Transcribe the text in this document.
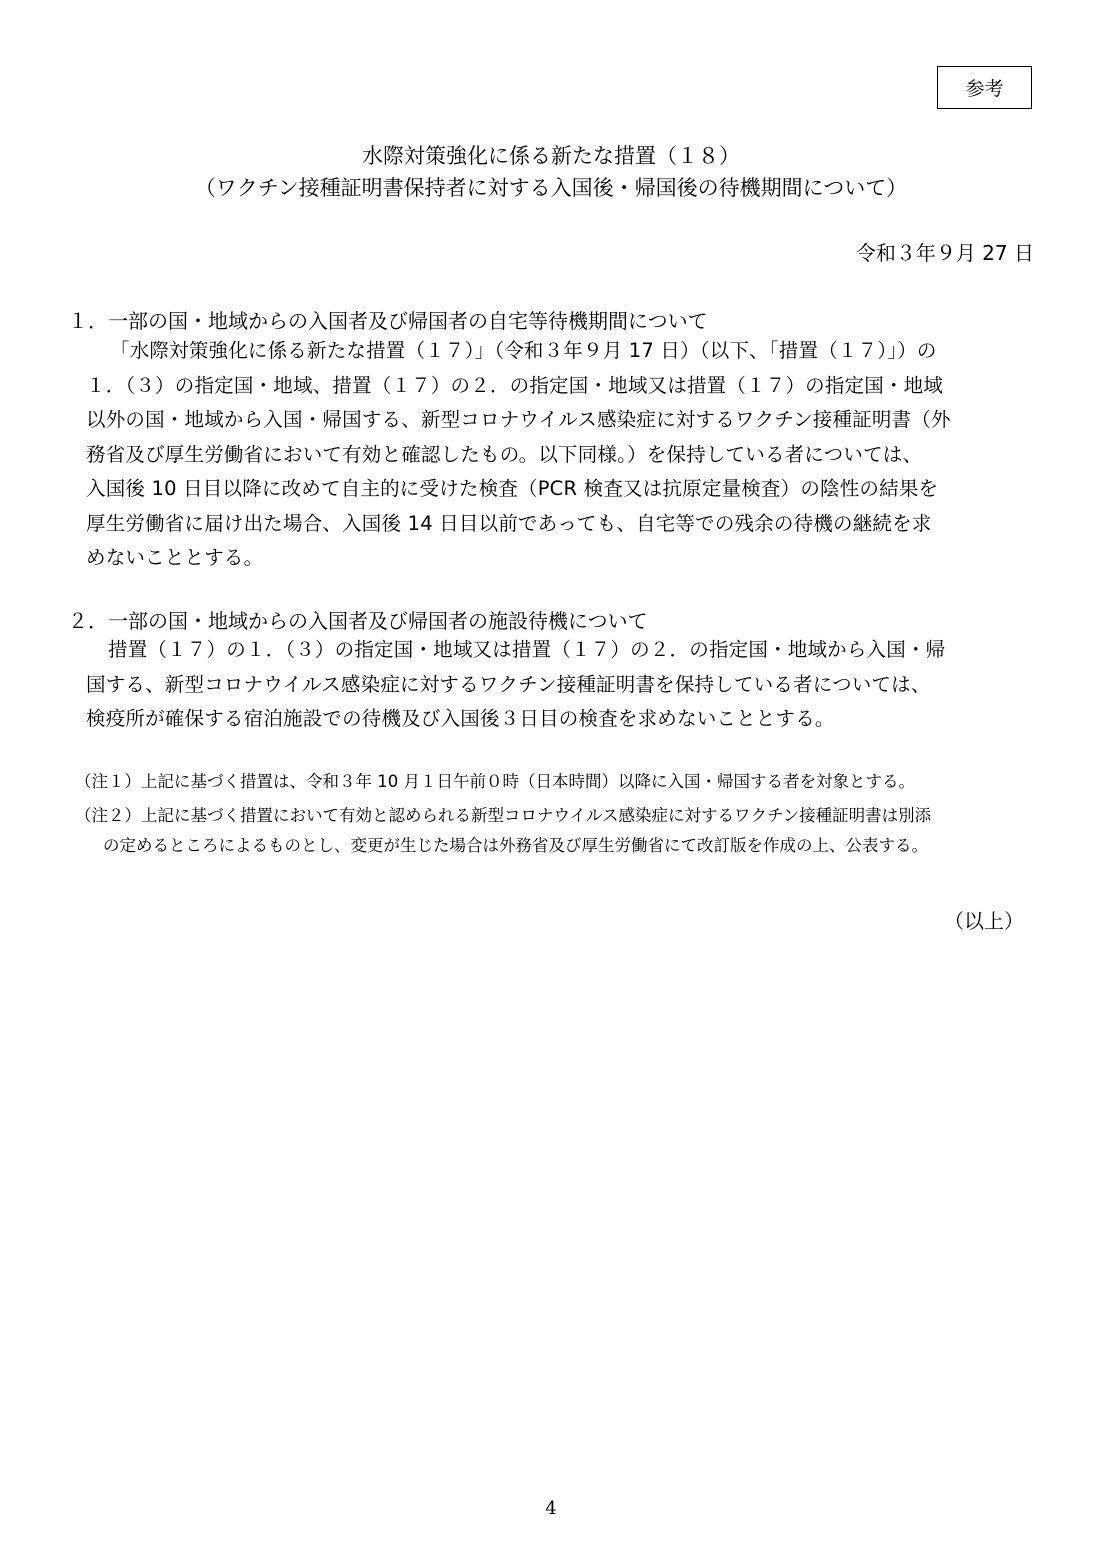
参考
水際対策強化に係る新たな措置（１８）
（ワクチン接種証明書保持者に対する入国後・帰国後の待機期間について）
令和３年９月 27 日
１．一部の国・地域からの入国者及び帰国者の自宅等待機期間について
「水際対策強化に係る新たな措置（１７）」（令和３年９月 17 日）（以下、「措置（１７）」）の
１．（３）の指定国・地域、措置（１７）の２．の指定国・地域又は措置（１７）の指定国・地域
以外の国・地域から入国・帰国する、新型コロナウイルス感染症に対するワクチン接種証明書（外
務省及び厚生労働省において有効と確認したもの。以下同様。）を保持している者については、
入国後 10 日目以降に改めて自主的に受けた検査（PCR 検査又は抗原定量検査）の陰性の結果を
厚生労働省に届け出た場合、入国後 14 日目以前であっても、自宅等での残余の待機の継続を求
めないこととする。
２．一部の国・地域からの入国者及び帰国者の施設待機について
措置（１７）の１．（３）の指定国・地域又は措置（１７）の２．の指定国・地域から入国・帰
国する、新型コロナウイルス感染症に対するワクチン接種証明書を保持している者については、
検疫所が確保する宿泊施設での待機及び入国後３日目の検査を求めないこととする。
（注１）上記に基づく措置は、令和３年 10 月１日午前０時（日本時間）以降に入国・帰国する者を対象とする。
（注２）上記に基づく措置において有効と認められる新型コロナウイルス感染症に対するワクチン接種証明書は別添
の定めるところによるものとし、変更が生じた場合は外務省及び厚生労働省にて改訂版を作成の上、公表する。
（以上）
4
